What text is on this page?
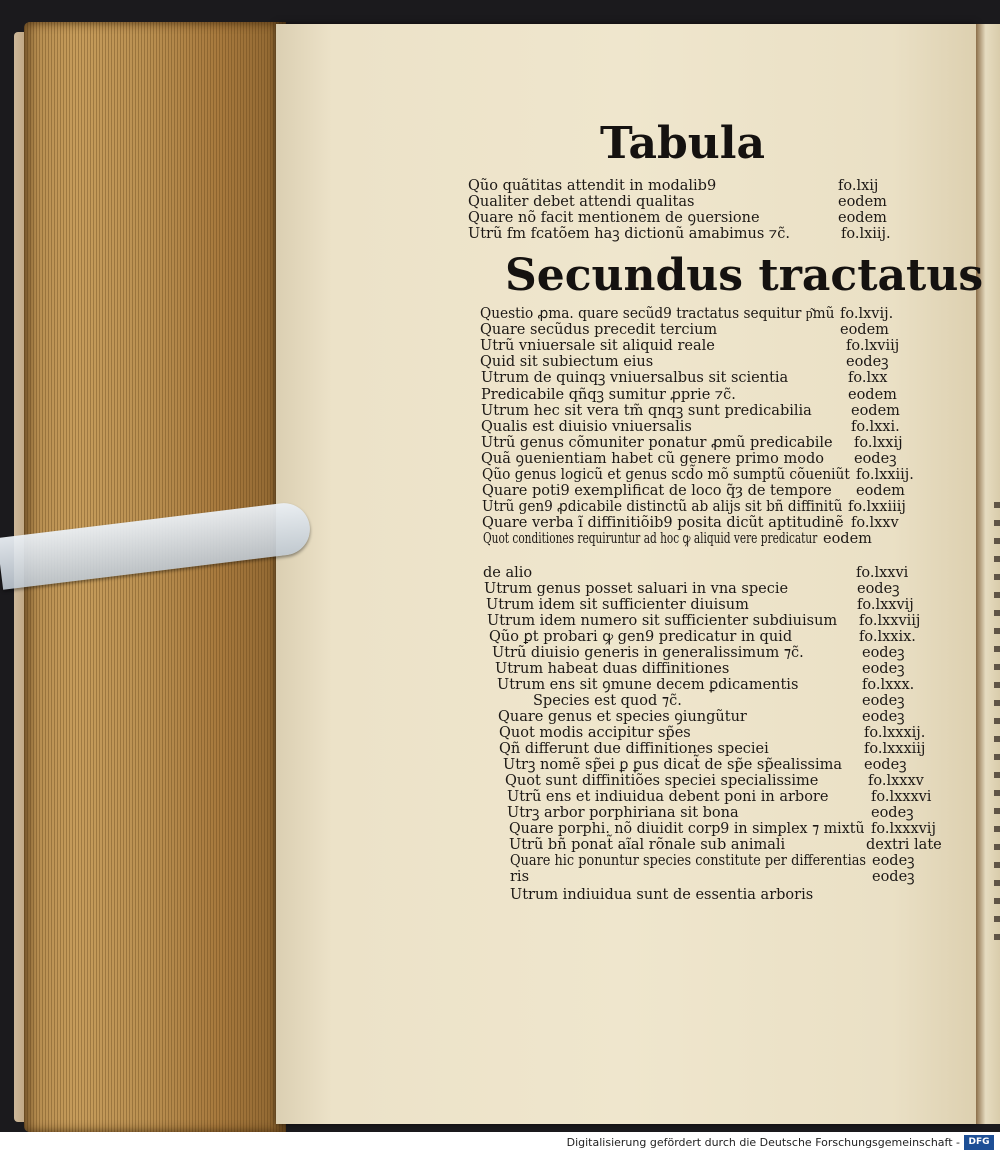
Tabula
Secundus tractatus
Qũo quãtitas attendit in modalib9	fo.lxij
Qualiter debet attendi qualitas	eodem
Quare nõ facit mentionem de ꝯuersione	eodem
Utrũ fm fcatõem haꝫ dictionũ amabimus ⁊c̃.	fo.lxiij.
Questio ꝓma. quare secũd9 tractatus sequitur p͂mũ fo.lxvij.
Quare secũdus precedit tercium	eodem
Utrũ vniuersale sit aliquid reale	fo.lxviij
Quid sit subiectum eius	eodeꝫ
Utrum de quinqꝫ vniuersalbus sit scientia	fo.lxx
Predicabile qñqꝫ sumitur ꝓprie ⁊c̃.	eodem
Utrum hec sit vera tm̃ qnqꝫ sunt predicabilia	eodem
Qualis est diuisio vniuersalis	fo.lxxi.
Utrũ genus cõmuniter ponatur ꝓmũ predicabile fo.lxxij
Quã ꝯuenientiam habet cũ genere primo modo eodeꝫ
Qũo genus logicũ et genus scd̃o mõ sumptũ cõueniũt fo.lxxiij.
Quare poti9 exemplificat de loco q̃ȝ de tempore eodem
Utrũ gen9 ꝓdicabile distinctũ ab alijs sit bñ diffinitũ fo.lxxiiij
Quare verba ĩ diffinitiõib9 posita dicũt aptitudinẽ fo.lxxv
Quot conditiones requiruntur ad hoc ꝙ aliquid vere predicatur eodem
de alio	fo.lxxvi
Utrum genus posset saluari in vna specie	eodeꝫ
Utrum idem sit sufficienter diuisum	fo.lxxvij
Utrum idem numero sit sufficienter subdiuisum fo.lxxviij
Qũo ꝑt probari ꝙ gen9 predicatur in quid	fo.lxxix.
Utrũ diuisio generis in generalissimum ⁊c̃.	eodeꝫ
Utrum habeat duas diffinitiones	eodeꝫ
Utrum ens sit ꝯmune decem ꝑdicamentis	fo.lxxx.
Species est quod ⁊c̃.	eodeꝫ
Quare genus et species ꝯiungũtur	eodeꝫ
Quot modis accipitur sp̃es	fo.lxxxij.
Qñ differunt due diffinitiones speciei	fo.lxxxiij
Utrꝫ nomẽ sp̃ei ꝑ ꝑus dicat̃ de sp̃e sp̃ealissima eodeꝫ
Quot sunt diffinitiões speciei specialissime	fo.lxxxv
Utrũ ens et indiuidua debent poni in arbore	fo.lxxxvi
Utrꝫ arbor porphiriana sit bona	eodeꝫ
Quare porphi. nõ diuidit corp9 in simplex ⁊ mixtũ fo.lxxxvij
Utrũ bñ ponat̃ aĩal rõnale sub animali	dextri late
Quare hic ponuntur species constitute per differentias eodeꝫ
ris	eodeꝫ
Utrum indiuidua sunt de essentia arboris
Digitalisierung gefördert durch die Deutsche Forschungsgemeinschaft - DFG
